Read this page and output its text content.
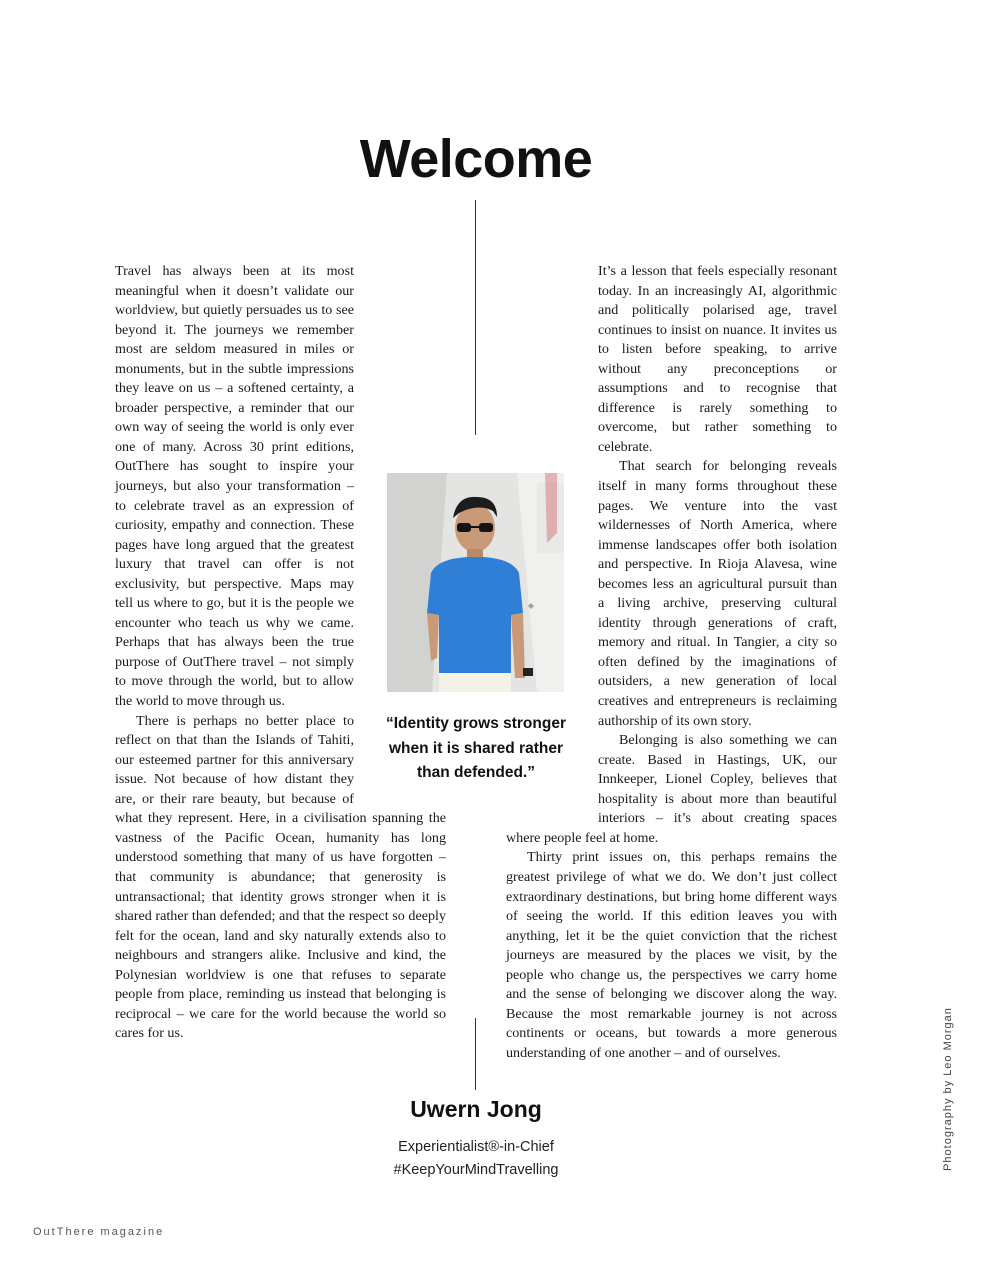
Welcome

Travel has always been at its most meaningful when it doesn’t validate our worldview, but quietly persuades us to see beyond it. The journeys we remember most are seldom measured in miles or monuments, but in the subtle impressions they leave on us – a softened certainty, a broader perspective, a reminder that our own way of seeing the world is only ever one of many. Across 30 print editions, OutThere has sought to inspire your journeys, but also your transformation – to celebrate travel as an expression of curiosity, empathy and connection. These pages have long argued that the greatest luxury that travel can offer is not exclusivity, but perspective. Maps may tell us where to go, but it is the people we encounter who teach us why we came. Perhaps that has always been the true purpose of OutThere travel – not simply to move through the world, but to allow the world to move through us.

There is perhaps no better place to reflect on that than the Islands of Tahiti, our esteemed partner for this anniversary issue. Not because of how distant they are, or their rare beauty, but because of what they represent. Here, in a civilisation spanning the vastness of the Pacific Ocean, humanity has long understood something that many of us have forgotten – that community is abundance; that generosity is untransactional; that identity grows stronger when it is shared rather than defended; and that the respect so deeply felt for the ocean, land and sky naturally extends also to neighbours and strangers alike. Inclusive and kind, the Polynesian worldview is one that refuses to separate people from place, reminding us instead that belonging is reciprocal – we care for the world because the world so cares for us.

It’s a lesson that feels especially resonant today. In an increasingly AI, algorithmic and politically polarised age, travel continues to insist on nuance. It invites us to listen before speaking, to arrive without any preconceptions or assumptions and to recognise that difference is rarely something to overcome, but rather something to celebrate.

That search for belonging reveals itself in many forms throughout these pages. We venture into the vast wildernesses of North America, where immense landscapes offer both isolation and perspective. In Rioja Alavesa, wine becomes less an agricultural pursuit than a living archive, preserving cultural identity through generations of craft, memory and ritual. In Tangier, a city so often defined by the imaginations of outsiders, a new generation of local creatives and entrepreneurs is reclaiming authorship of its own story.

Belonging is also something we can create. Based in Hastings, UK, our Innkeeper, Lionel Copley, believes that hospitality is about more than beautiful interiors – it’s about creating spaces where people feel at home.

Thirty print issues on, this perhaps remains the greatest privilege of what we do. We don’t just collect extraordinary destinations, but bring home different ways of seeing the world. If this edition leaves you with anything, let it be the quiet conviction that the richest journeys are measured by the places we visit, by the people who change us, the perspectives we carry home and the sense of belonging we discover along the way. Because the most remarkable journey is not across continents or oceans, but towards a more generous understanding of one another – and of ourselves.

“Identity grows stronger when it is shared rather than defended.”

Uwern Jong
Experientialist®-in-Chief
#KeepYourMindTravelling	Photography by Leo Morgan
OutThere magazine
